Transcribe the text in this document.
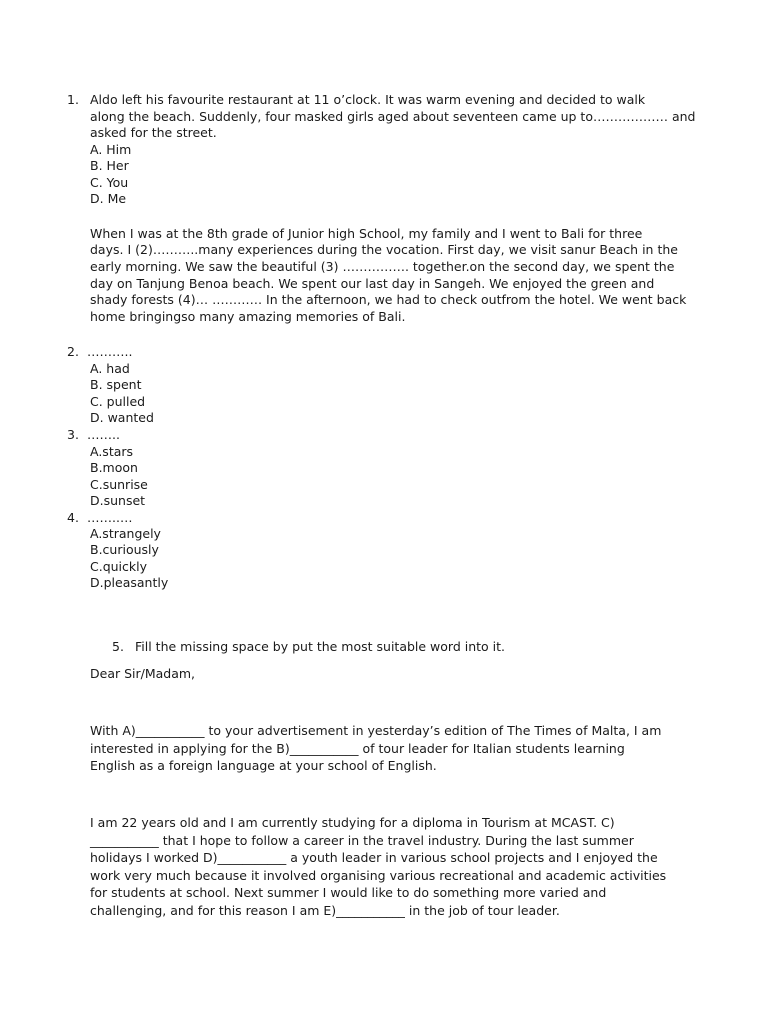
1. Aldo left his favourite restaurant at 11 o’clock. It was warm evening and decided to walk
along the beach. Suddenly, four masked girls aged about seventeen came up to……………… and
asked for the street.
A. Him
B. Her
C. You
D. Me
When I was at the 8th grade of Junior high School, my family and I went to Bali for three
days. I (2)………..many experiences during the vocation. First day, we visit sanur Beach in the
early morning. We saw the beautiful (3) ……………. together.on the second day, we spent the
day on Tanjung Benoa beach. We spent our last day in Sangeh. We enjoyed the green and
shady forests (4)… ………… In the afternoon, we had to check outfrom the hotel. We went back
home bringingso many amazing memories of Bali.
2. ………..
A. had
B. spent
C. pulled
D. wanted
3. ……..
A.stars
B.moon
C.sunrise
D.sunset
4. ……..…
A.strangely
B.curiously
C.quickly
D.pleasantly
5. Fill the missing space by put the most suitable word into it.
Dear Sir/Madam,
With A)___________ to your advertisement in yesterday’s edition of The Times of Malta, I am
interested in applying for the B)___________ of tour leader for Italian students learning
English as a foreign language at your school of English.
I am 22 years old and I am currently studying for a diploma in Tourism at MCAST. C)
___________ that I hope to follow a career in the travel industry. During the last summer
holidays I worked D)___________ a youth leader in various school projects and I enjoyed the
work very much because it involved organising various recreational and academic activities
for students at school. Next summer I would like to do something more varied and
challenging, and for this reason I am E)___________ in the job of tour leader.
